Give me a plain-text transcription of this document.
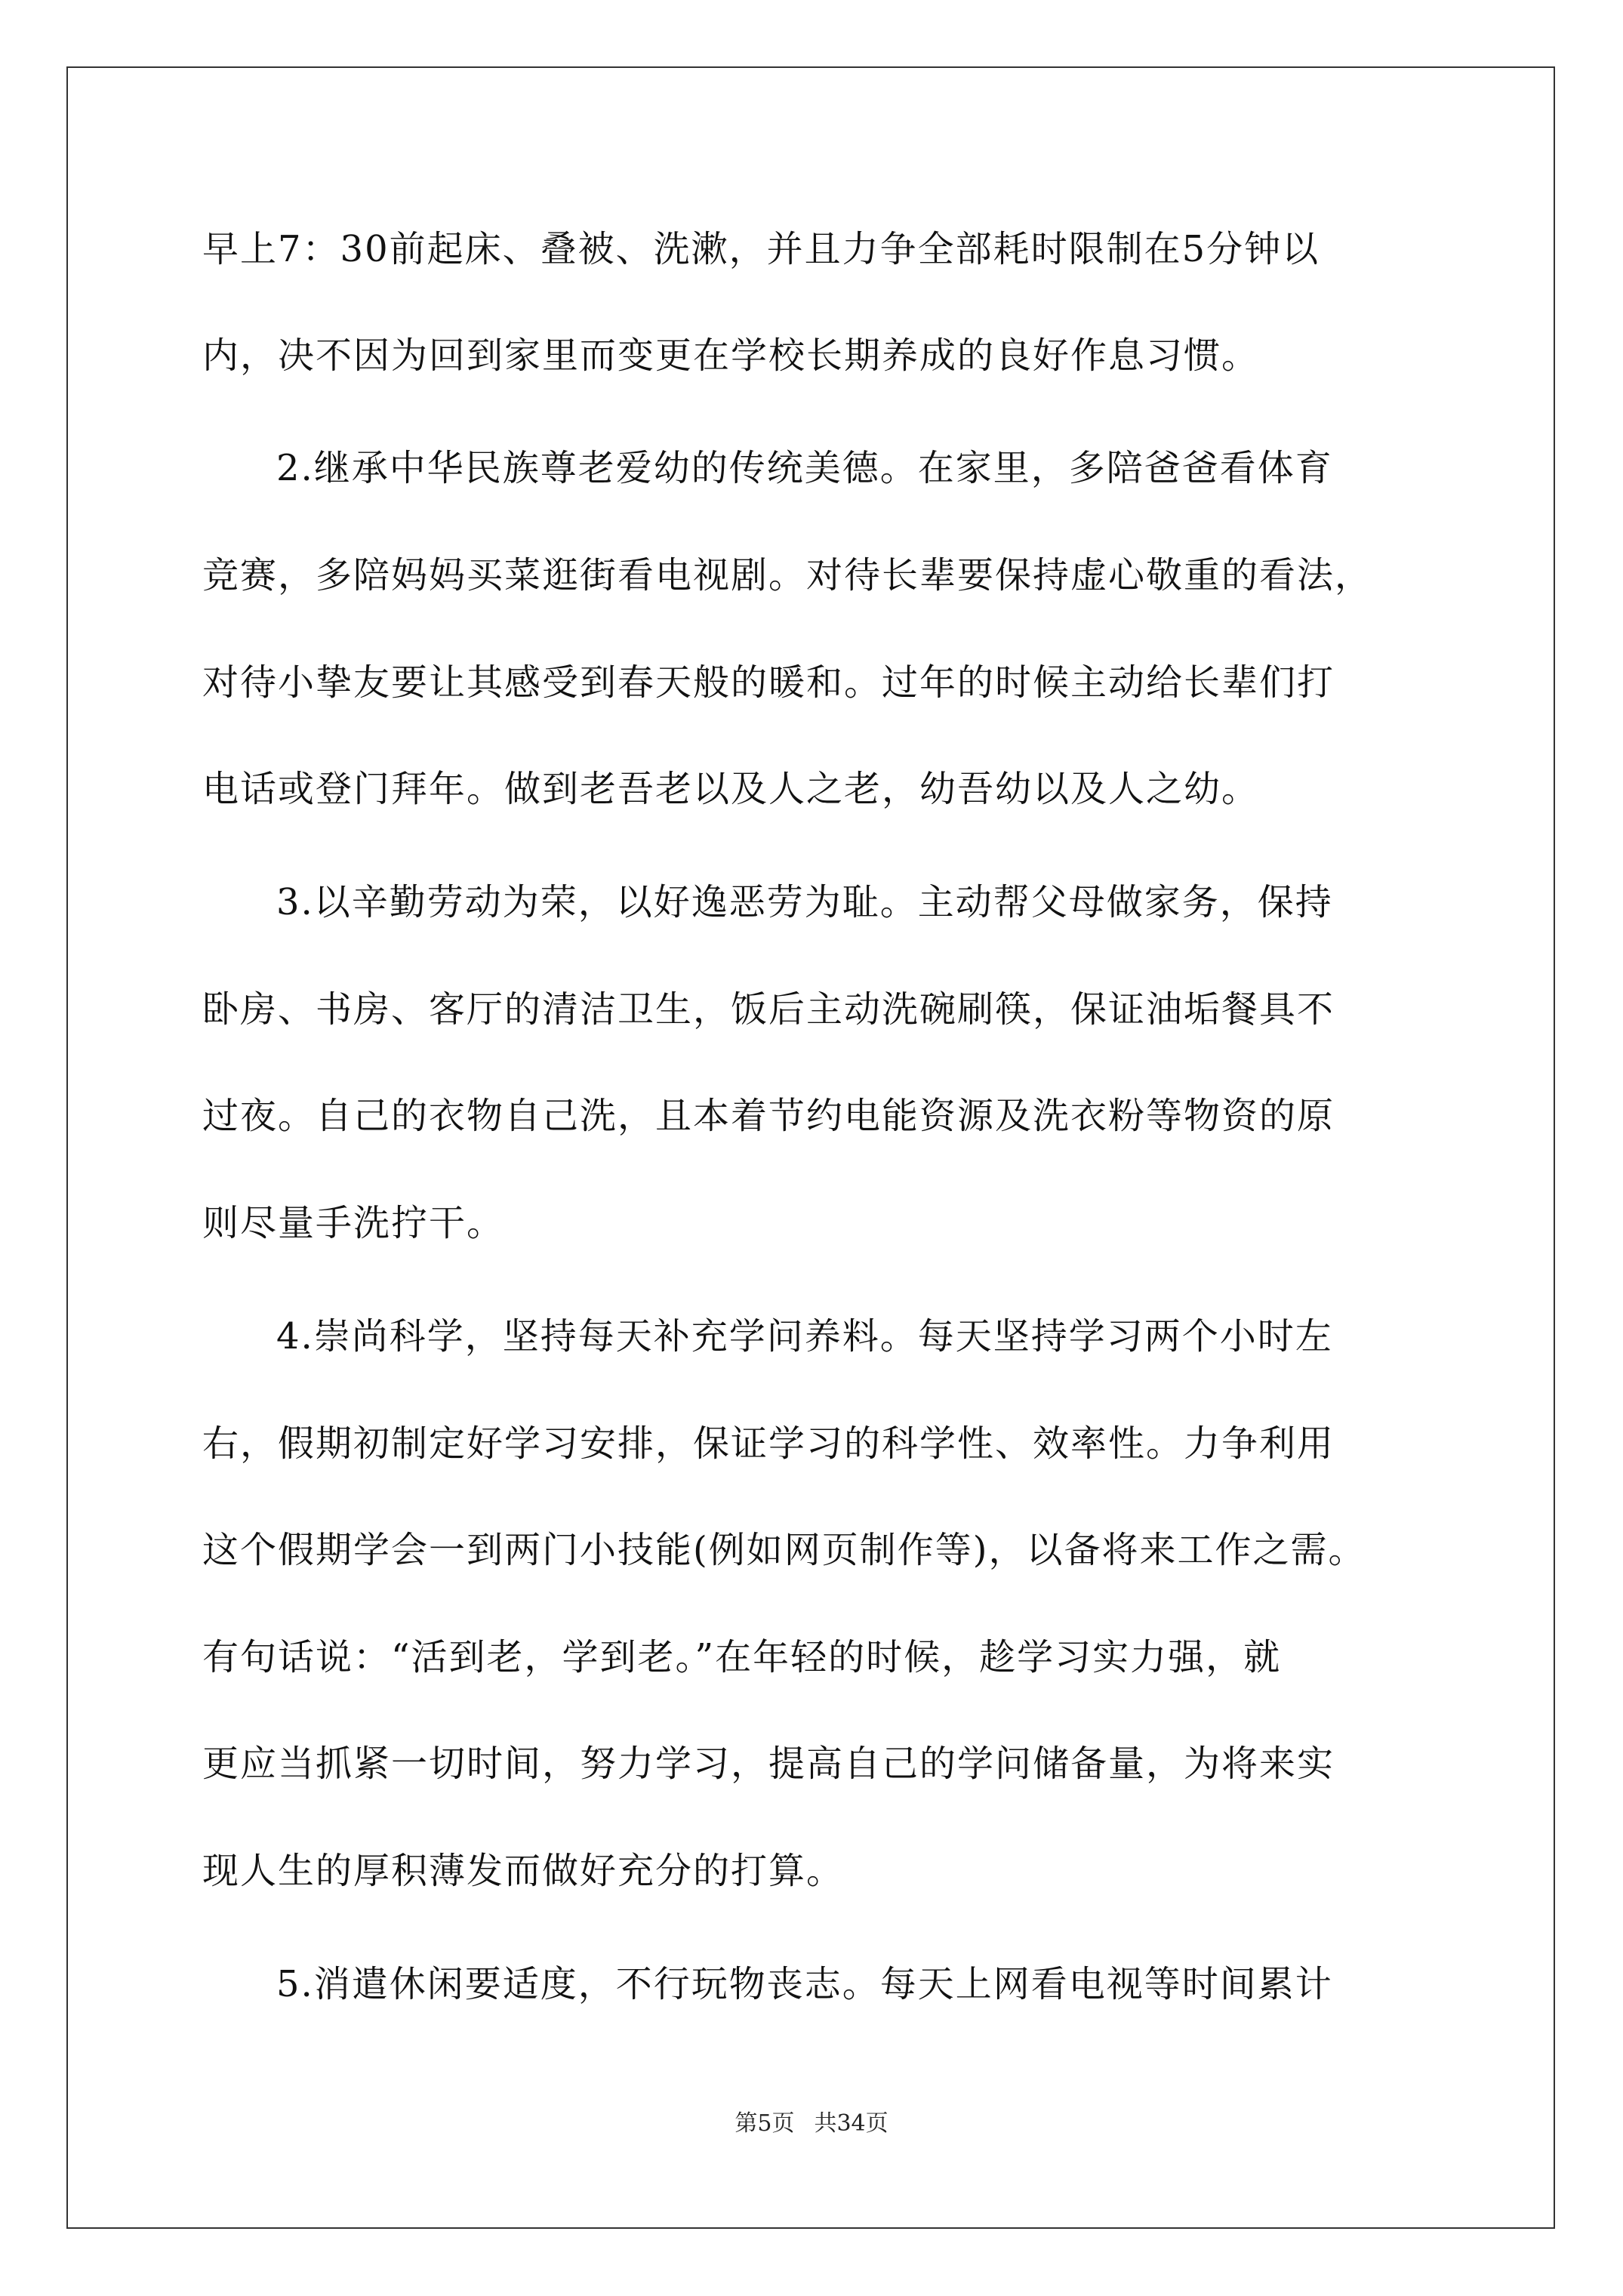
早上7：30前起床、叠被、洗漱，并且力争全部耗时限制在5分钟以
内，决不因为回到家里而变更在学校长期养成的良好作息习惯。
2.继承中华民族尊老爱幼的传统美德。在家里，多陪爸爸看体育
竞赛，多陪妈妈买菜逛街看电视剧。对待长辈要保持虚心敬重的看法，
对待小挚友要让其感受到春天般的暖和。过年的时候主动给长辈们打
电话或登门拜年。做到老吾老以及人之老，幼吾幼以及人之幼。
3.以辛勤劳动为荣，以好逸恶劳为耻。主动帮父母做家务，保持
卧房、书房、客厅的清洁卫生，饭后主动洗碗刷筷，保证油垢餐具不
过夜。自己的衣物自己洗，且本着节约电能资源及洗衣粉等物资的原
则尽量手洗拧干。
4.崇尚科学，坚持每天补充学问养料。每天坚持学习两个小时左
右，假期初制定好学习安排，保证学习的科学性、效率性。力争利用
这个假期学会一到两门小技能(例如网页制作等)，以备将来工作之需。
有句话说：“活到老，学到老。”在年轻的时候，趁学习实力强，就
更应当抓紧一切时间，努力学习，提高自己的学问储备量，为将来实
现人生的厚积薄发而做好充分的打算。
5.消遣休闲要适度，不行玩物丧志。每天上网看电视等时间累计
第5页 共34页
